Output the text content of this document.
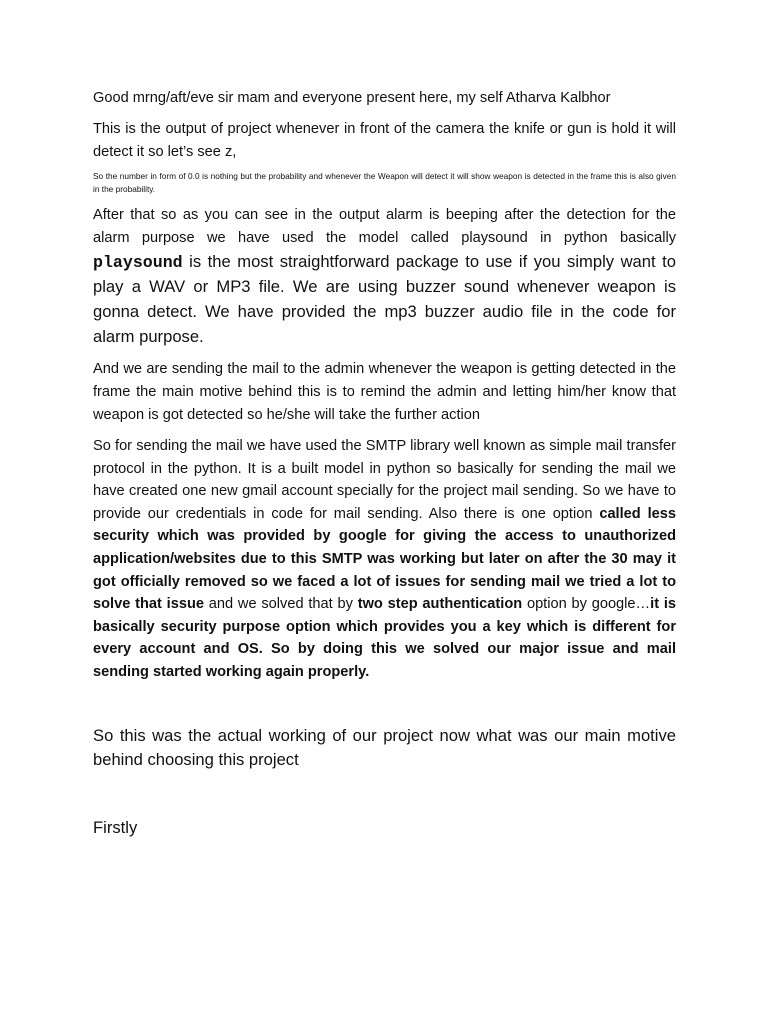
Good mrng/aft/eve sir mam and everyone present here, my self Atharva Kalbhor

This is the output of project whenever in front of the camera the knife or gun is hold it will detect it so let’s see z,

So the number in form of 0.0 is nothing but the probability and whenever the Weapon will detect it will show weapon is detected in the frame this is also given in the probability.

After that so as you can see in the output alarm is beeping after the detection for the alarm purpose we have used the model called playsound in python basically playsound is the most straightforward package to use if you simply want to play a WAV or MP3 file. We are using buzzer sound whenever weapon is gonna detect. We have provided the mp3 buzzer audio file in the code for alarm purpose.

And we are sending the mail to the admin whenever the weapon is getting detected in the frame the main motive behind this is to remind the admin and letting him/her know that weapon is got detected so he/she will take the further action

So for sending the mail we have used the SMTP library well known as simple mail transfer protocol in the python. It is a built model in python so basically for sending the mail we have created one new gmail account specially for the project mail sending. So we have to provide our credentials in code for mail sending. Also there is one option called less security which was provided by google for giving the access to unauthorized application/websites due to this SMTP was working but later on after the 30 may it got officially removed so we faced a lot of issues for sending mail we tried a lot to solve that issue and we solved that by two step authentication option by google…it is basically security purpose option which provides you a key which is different for every account and OS. So by doing this we solved our major issue and mail sending started working again properly.

So this was the actual working of our project now what was our main motive behind choosing this project

Firstly
